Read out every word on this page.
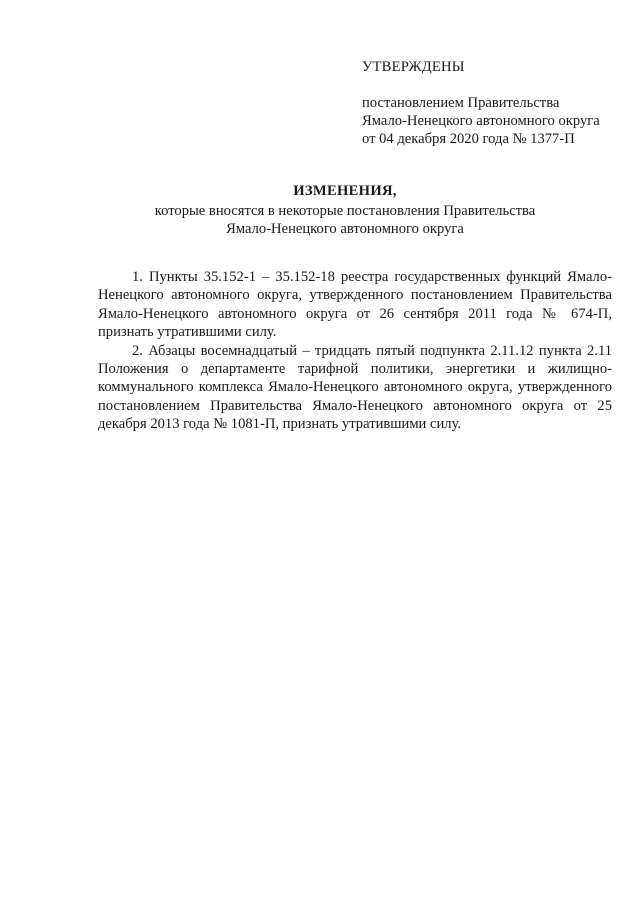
УТВЕРЖДЕНЫ

постановлением Правительства

Ямало-Ненецкого автономного округа

от 04 декабря 2020 года № 1377-П

ИЗМЕНЕНИЯ,

которые вносятся в некоторые постановления Правительства

Ямало-Ненецкого автономного округа

1. Пункты 35.152-1 – 35.152-18 реестра государственных функций Ямало-Ненецкого автономного округа, утвержденного постановлением Правительства Ямало-Ненецкого автономного округа от 26 сентября 2011 года № 674-П, признать утратившими силу.

2. Абзацы восемнадцатый – тридцать пятый подпункта 2.11.12 пункта 2.11 Положения о департаменте тарифной политики, энергетики и жилищно-коммунального комплекса Ямало-Ненецкого автономного округа, утвержденного постановлением Правительства Ямало-Ненецкого автономного округа от 25 декабря 2013 года № 1081-П, признать утратившими силу.
